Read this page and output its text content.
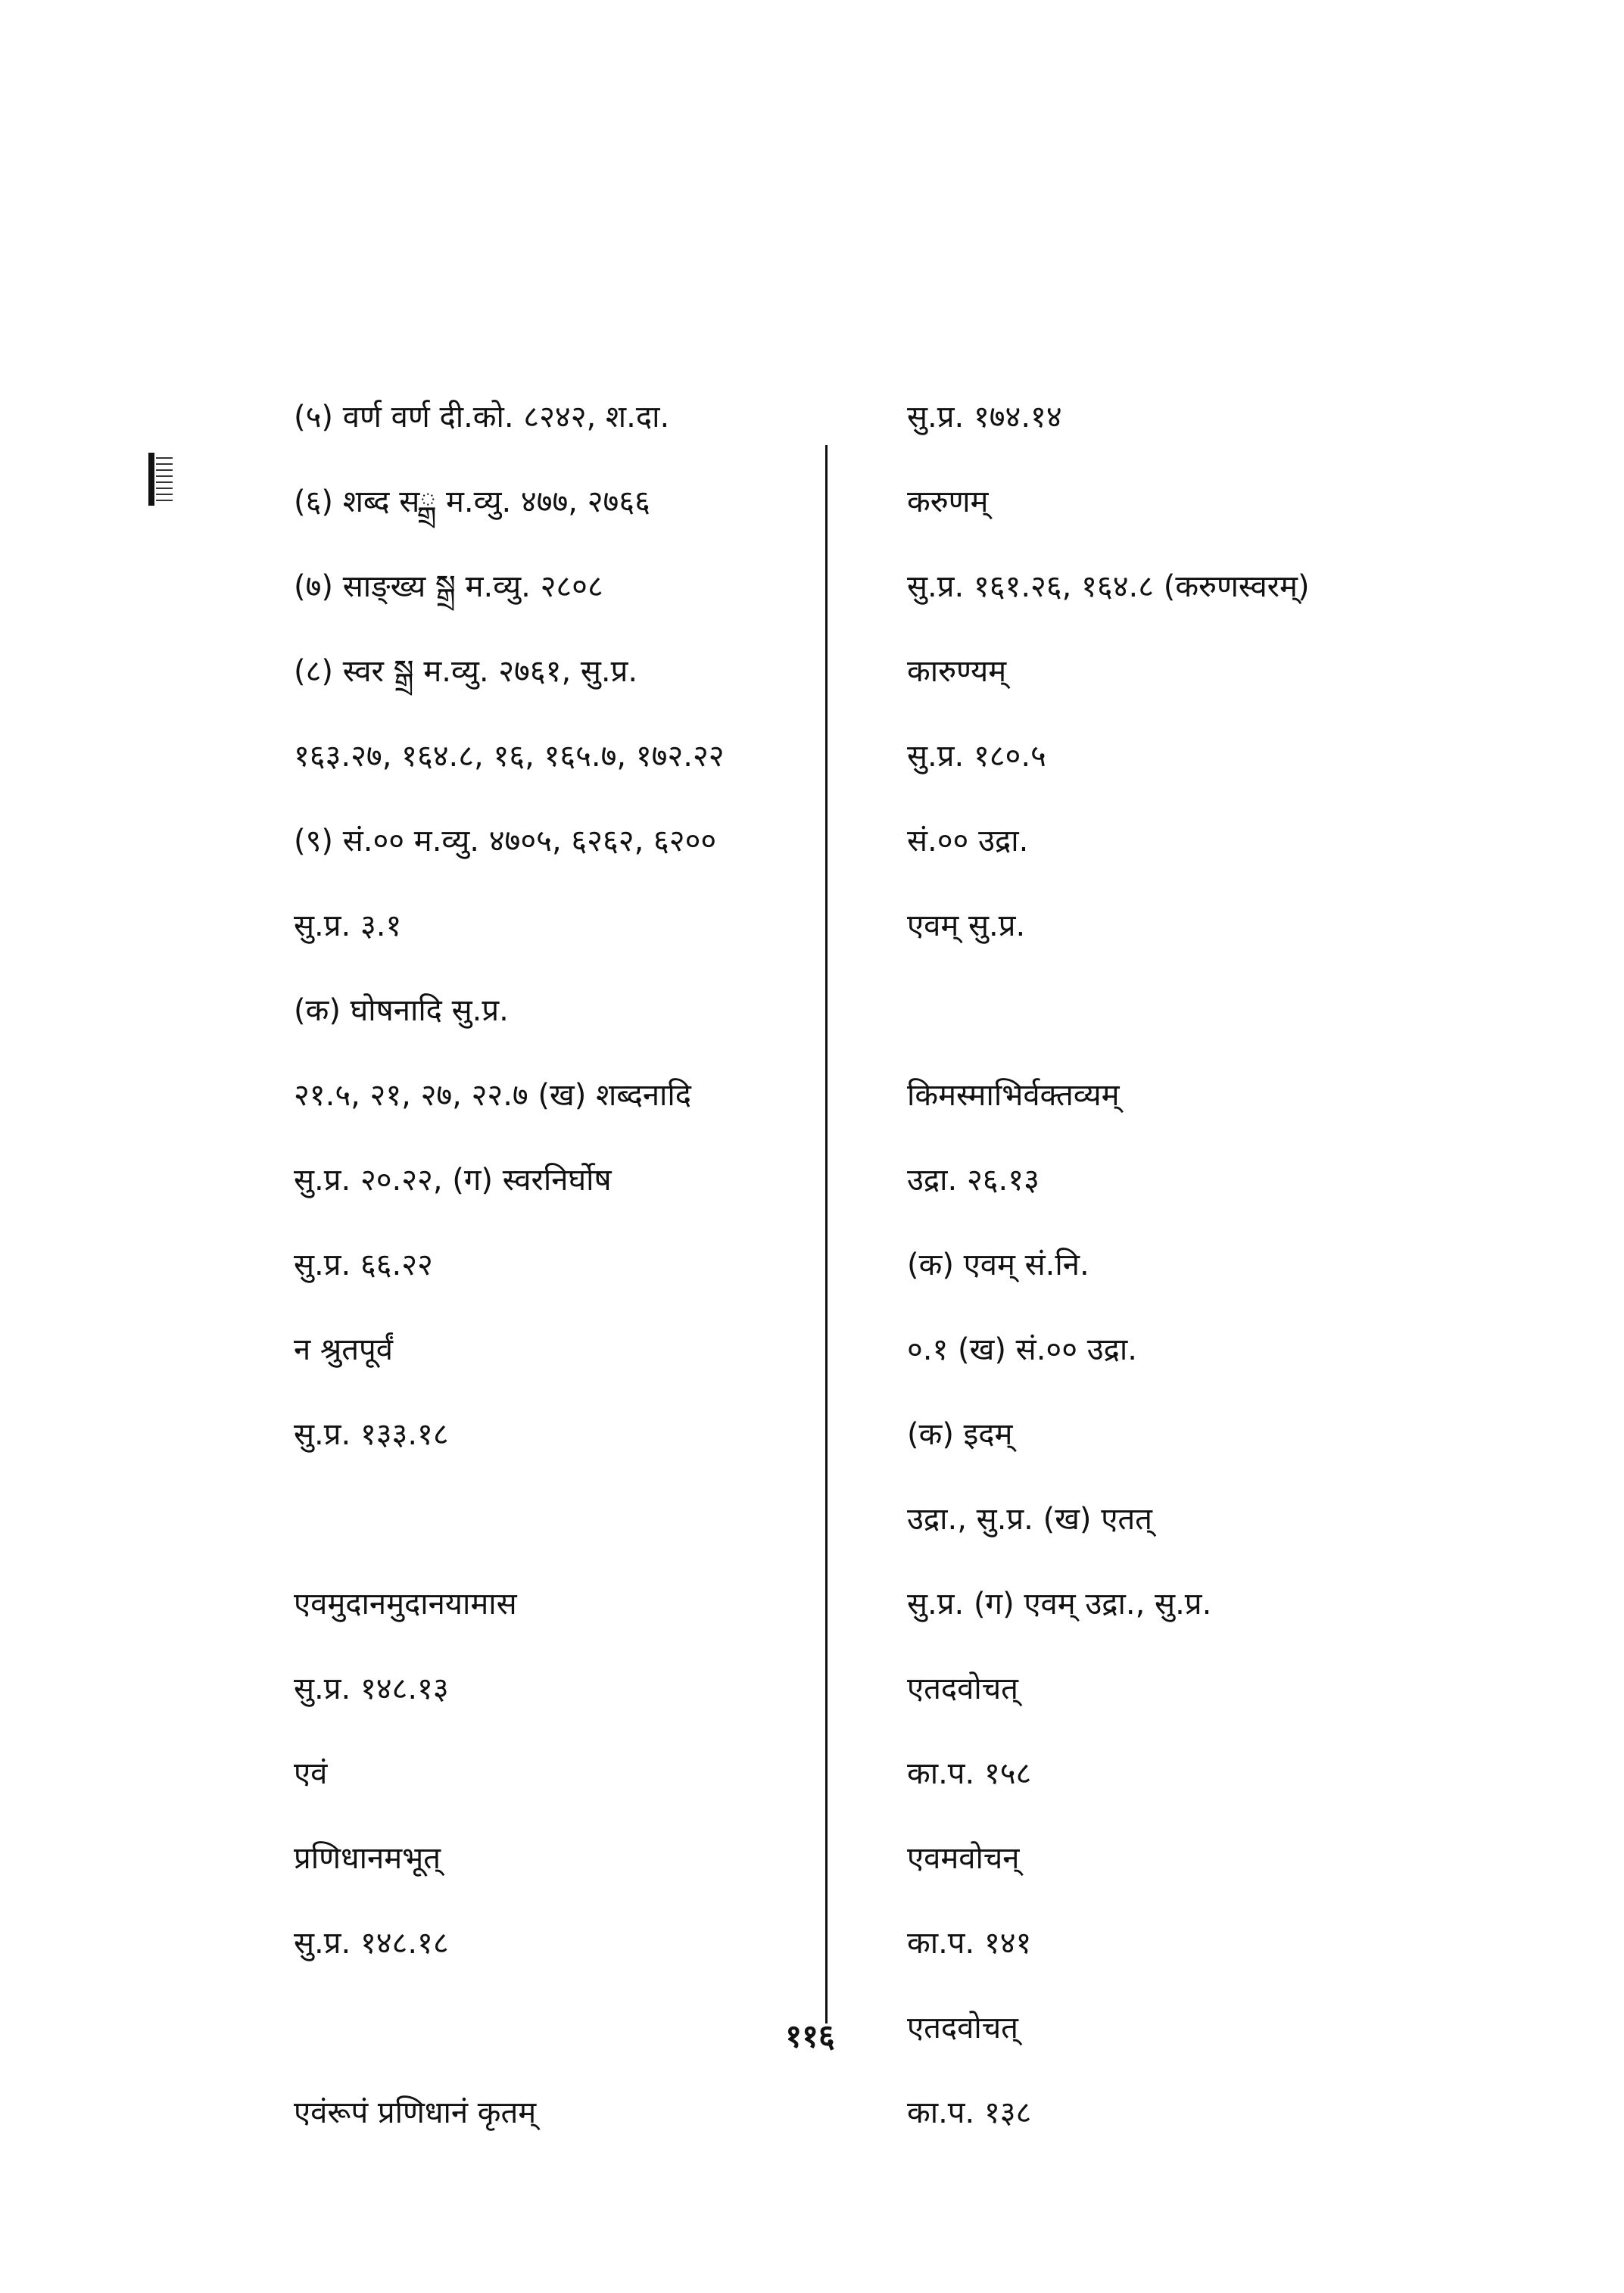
(५) वर्ण वर्ण दी.को. ८२४२, श.दा.
(६) शब्द सྒྲ म.व्यु. ४७७, २७६६
(७) साङ्ख्य སྒྲ म.व्यु. २८०८
(८) स्वर སྒྲ म.व्यु. २७६१, सु.प्र.
१६३.२७, १६४.८, १६, १६५.७, १७२.२२
(९) सं.०० म.व्यु. ४७०५, ६२६२, ६२००
सु.प्र. ३.१
(क) घोषनादि सु.प्र.
२१.५, २१, २७, २२.७ (ख) शब्दनादि
सु.प्र. २०.२२, (ग) स्वरनिर्घोष
सु.प्र. ६६.२२
न श्रुतपूर्वं
सु.प्र. १३३.१८
एवमुदानमुदानयामास
सु.प्र. १४८.१३
एवं
प्रणिधानमभूत्
सु.प्र. १४८.१८
एवंरूपं प्रणिधानं कृतम्
सु.प्र. १७४.१४
करुणम्
सु.प्र. १६१.२६, १६४.८ (करुणस्वरम्)
कारुण्यम्
सु.प्र. १८०.५
सं.०० उद्रा.
एवम् सु.प्र.
किमस्माभिर्वक्तव्यम्
उद्रा. २६.१३
(क) एवम् सं.नि.
०.१ (ख) सं.०० उद्रा.
(क) इदम्
उद्रा., सु.प्र. (ख) एतत्
सु.प्र. (ग) एवम् उद्रा., सु.प्र.
एतदवोचत्
का.प. १५८
एवमवोचन्
का.प. १४१
एतदवोचत्
का.प. १३८
११६
